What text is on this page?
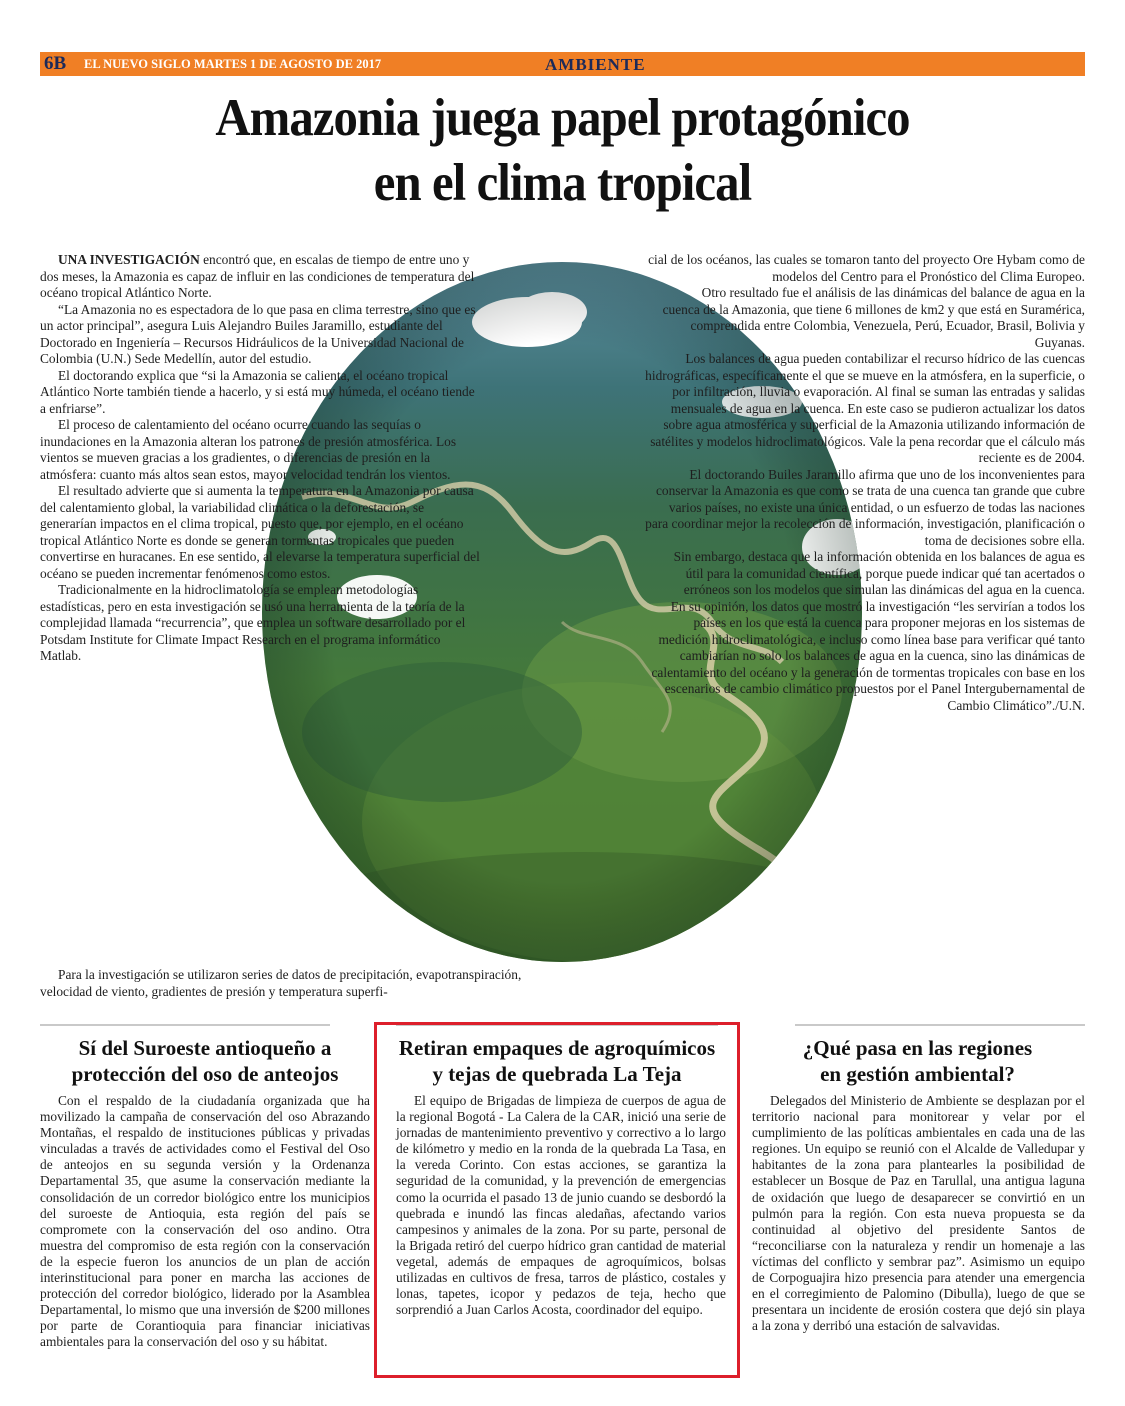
6B EL NUEVO SIGLO MARTES 1 DE AGOSTO DE 2017	AMBIENTE
Amazonia juega papel protagónico
en el clima tropical

UNA INVESTIGACIÓN encontró que, en escalas de tiempo de entre uno y dos meses, la Amazonia es capaz de influir en las condiciones de temperatura del océano tropical Atlántico Norte.

“La Amazonia no es espectadora de lo que pasa en clima terrestre, sino que es un actor principal”, asegura Luis Alejandro Builes Jaramillo, estudiante del Doctorado en Ingeniería – Recursos Hidráulicos de la Universidad Nacional de Colombia (U.N.) Sede Medellín, autor del estudio.

El doctorando explica que “si la Amazonia se calienta, el océano tropical Atlántico Norte también tiende a hacerlo, y si está muy húmeda, el océano tiende a enfriarse”.

El proceso de calentamiento del océano ocurre cuando las sequías o inundaciones en la Amazonia alteran los patrones de presión atmosférica. Los vientos se mueven gracias a los gradientes, o diferencias de presión en la atmósfera: cuanto más altos sean estos, mayor velocidad tendrán los vientos.

El resultado advierte que si aumenta la temperatura en la Amazonia por causa del calentamiento global, la variabilidad climática o la deforestación, se generarían impactos en el clima tropical, puesto que, por ejemplo, en el océano tropical Atlántico Norte es donde se generan tormentas tropicales que pueden convertirse en huracanes. En ese sentido, al elevarse la temperatura superficial del océano se pueden incrementar fenómenos como estos.

Tradicionalmente en la hidroclimatología se emplean metodologías estadísticas, pero en esta investigación se usó una herramienta de la teoría de la complejidad llamada “recurrencia”, que emplea un software desarrollado por el Potsdam Institute for Climate Impact Research en el programa informático Matlab.

cial de los océanos, las cuales se tomaron tanto del proyecto Ore Hybam como de modelos del Centro para el Pronóstico del Clima Europeo.

Otro resultado fue el análisis de las dinámicas del balance de agua en la cuenca de la Amazonia, que tiene 6 millones de km2 y que está en Suramérica, comprendida entre Colombia, Venezuela, Perú, Ecuador, Brasil, Bolivia y Guyanas.

Los balances de agua pueden contabilizar el recurso hídrico de las cuencas hidrográficas, específicamente el que se mueve en la atmósfera, en la superficie, o por infiltración, lluvia o evaporación. Al final se suman las entradas y salidas mensuales de agua en la cuenca. En este caso se pudieron actualizar los datos sobre agua atmosférica y superficial de la Amazonia utilizando información de satélites y modelos hidroclimatológicos. Vale la pena recordar que el cálculo más reciente es de 2004.

El doctorando Builes Jaramillo afirma que uno de los inconvenientes para conservar la Amazonia es que como se trata de una cuenca tan grande que cubre varios países, no existe una única entidad, o un esfuerzo de todas las naciones para coordinar mejor la recolección de información, investigación, planificación o toma de decisiones sobre ella.

Sin embargo, destaca que la información obtenida en los balances de agua es útil para la comunidad científica, porque puede indicar qué tan acertados o erróneos son los modelos que simulan las dinámicas del agua en la cuenca.

En su opinión, los datos que mostró la investigación “les servirían a todos los países en los que está la cuenca para proponer mejoras en los sistemas de medición hidroclimatológica, e incluso como línea base para verificar qué tanto cambiarían no solo los balances de agua en la cuenca, sino las dinámicas de calentamiento del océano y la generación de tormentas tropicales con base en los escenarios de cambio climático propuestos por el Panel Intergubernamental de Cambio Climático”./U.N.

Para la investigación se utilizaron series de datos de precipitación, evapotranspiración, velocidad de viento, gradientes de presión y temperatura superfi-

Sí del Suroeste antioqueño a
protección del oso de anteojos

Con el respaldo de la ciudadanía organizada que ha movilizado la campaña de conservación del oso Abrazando Montañas, el respaldo de instituciones públicas y privadas vinculadas a través de actividades como el Festival del Oso de anteojos en su segunda versión y la Ordenanza Departamental 35, que asume la conservación mediante la consolidación de un corredor biológico entre los municipios del suroeste de Antioquia, esta región del país se compromete con la conservación del oso andino. Otra muestra del compromiso de esta región con la conservación de la especie fueron los anuncios de un plan de acción interinstitucional para poner en marcha las acciones de protección del corredor biológico, liderado por la Asamblea Departamental, lo mismo que una inversión de $200 millones por parte de Corantioquia para financiar iniciativas ambientales para la conservación del oso y su hábitat.

Retiran empaques de agroquímicos
y tejas de quebrada La Teja

El equipo de Brigadas de limpieza de cuerpos de agua de la regional Bogotá - La Calera de la CAR, inició una serie de jornadas de mantenimiento preventivo y correctivo a lo largo de kilómetro y medio en la ronda de la quebrada La Tasa, en la vereda Corinto. Con estas acciones, se garantiza la seguridad de la comunidad, y la prevención de emergencias como la ocurrida el pasado 13 de junio cuando se desbordó la quebrada e inundó las fincas aledañas, afectando varios campesinos y animales de la zona. Por su parte, personal de la Brigada retiró del cuerpo hídrico gran cantidad de material vegetal, además de empaques de agroquímicos, bolsas utilizadas en cultivos de fresa, tarros de plástico, costales y lonas, tapetes, icopor y pedazos de teja, hecho que sorprendió a Juan Carlos Acosta, coordinador del equipo.

¿Qué pasa en las regiones
en gestión ambiental?

Delegados del Ministerio de Ambiente se desplazan por el territorio nacional para monitorear y velar por el cumplimiento de las políticas ambientales en cada una de las regiones. Un equipo se reunió con el Alcalde de Valledupar y habitantes de la zona para plantearles la posibilidad de establecer un Bosque de Paz en Tarullal, una antigua laguna de oxidación que luego de desaparecer se convirtió en un pulmón para la región. Con esta nueva propuesta se da continuidad al objetivo del presidente Santos de “reconciliarse con la naturaleza y rendir un homenaje a las víctimas del conflicto y sembrar paz”. Asimismo un equipo de Corpoguajira hizo presencia para atender una emergencia en el corregimiento de Palomino (Dibulla), luego de que se presentara un incidente de erosión costera que dejó sin playa a la zona y derribó una estación de salvavidas.
